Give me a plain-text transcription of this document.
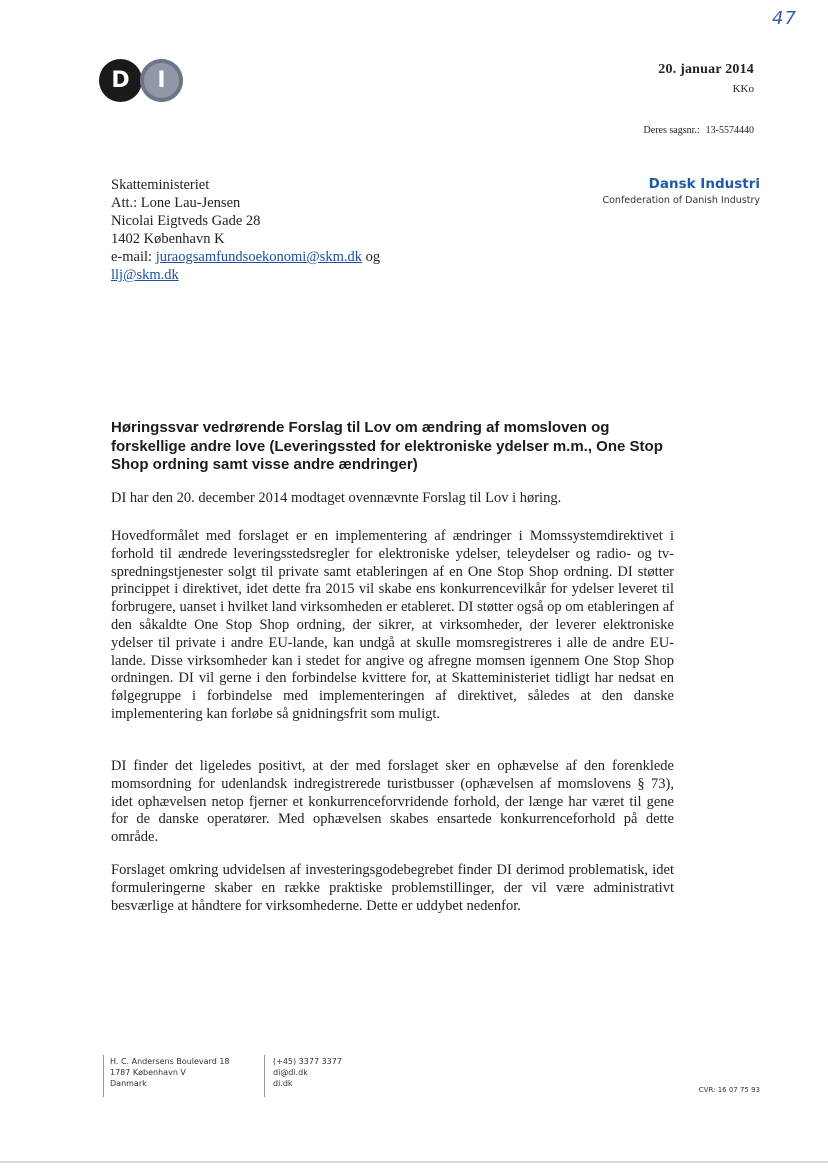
47
D	I	20. januar 2014
KKo
Deres sagsnr.: 13-5574440
Dansk Industri
Confederation of Danish Industry
Skatteministeriet
Att.: Lone Lau-Jensen
Nicolai Eigtveds Gade 28
1402 København K
e-mail: juraogsamfundsoekonomi@skm.dk og
llj@skm.dk
Høringssvar vedrørende Forslag til Lov om ændring af momsloven og forskellige andre love (Leveringssted for elektroniske ydelser m.m., One Stop Shop ordning samt visse andre ændringer)
DI har den 20. december 2014 modtaget ovennævnte Forslag til Lov i høring.
Hovedformålet med forslaget er en implementering af ændringer i Momssystemdirektivet i forhold til ændrede leveringsstedsregler for elektroniske ydelser, teleydelser og radio- og tv-spredningstjenester solgt til private samt etableringen af en One Stop Shop ordning. DI støtter princippet i direktivet, idet dette fra 2015 vil skabe ens konkurrencevilkår for ydelser leveret til forbrugere, uanset i hvilket land virksomheden er etableret. DI støtter også op om etableringen af den såkaldte One Stop Shop ordning, der sikrer, at virksomheder, der leverer elektroniske ydelser til private i andre EU-lande, kan undgå at skulle momsregistreres i alle de andre EU-lande. Disse virksomheder kan i stedet for angive og afregne momsen igennem One Stop Shop ordningen. DI vil gerne i den forbindelse kvittere for, at Skatteministeriet tidligt har nedsat en følgegruppe i forbindelse med implementeringen af direktivet, således at den danske implementering kan forløbe så gnidningsfrit som muligt.
DI finder det ligeledes positivt, at der med forslaget sker en ophævelse af den forenklede momsordning for udenlandsk indregistrerede turistbusser (ophævelsen af momslovens § 73), idet ophævelsen netop fjerner et konkurrenceforvridende forhold, der længe har været til gene for de danske operatører. Med ophævelsen skabes ensartede konkurrenceforhold på dette område.
Forslaget omkring udvidelsen af investeringsgodebegrebet finder DI derimod problematisk, idet formuleringerne skaber en række praktiske problemstillinger, der vil være administrativt besværlige at håndtere for virksomhederne. Dette er uddybet nedenfor.
H. C. Andersens Boulevard 18
1787 København V
Danmark
(+45) 3377 3377
di@di.dk
di.dk
CVR: 16 07 75 93
